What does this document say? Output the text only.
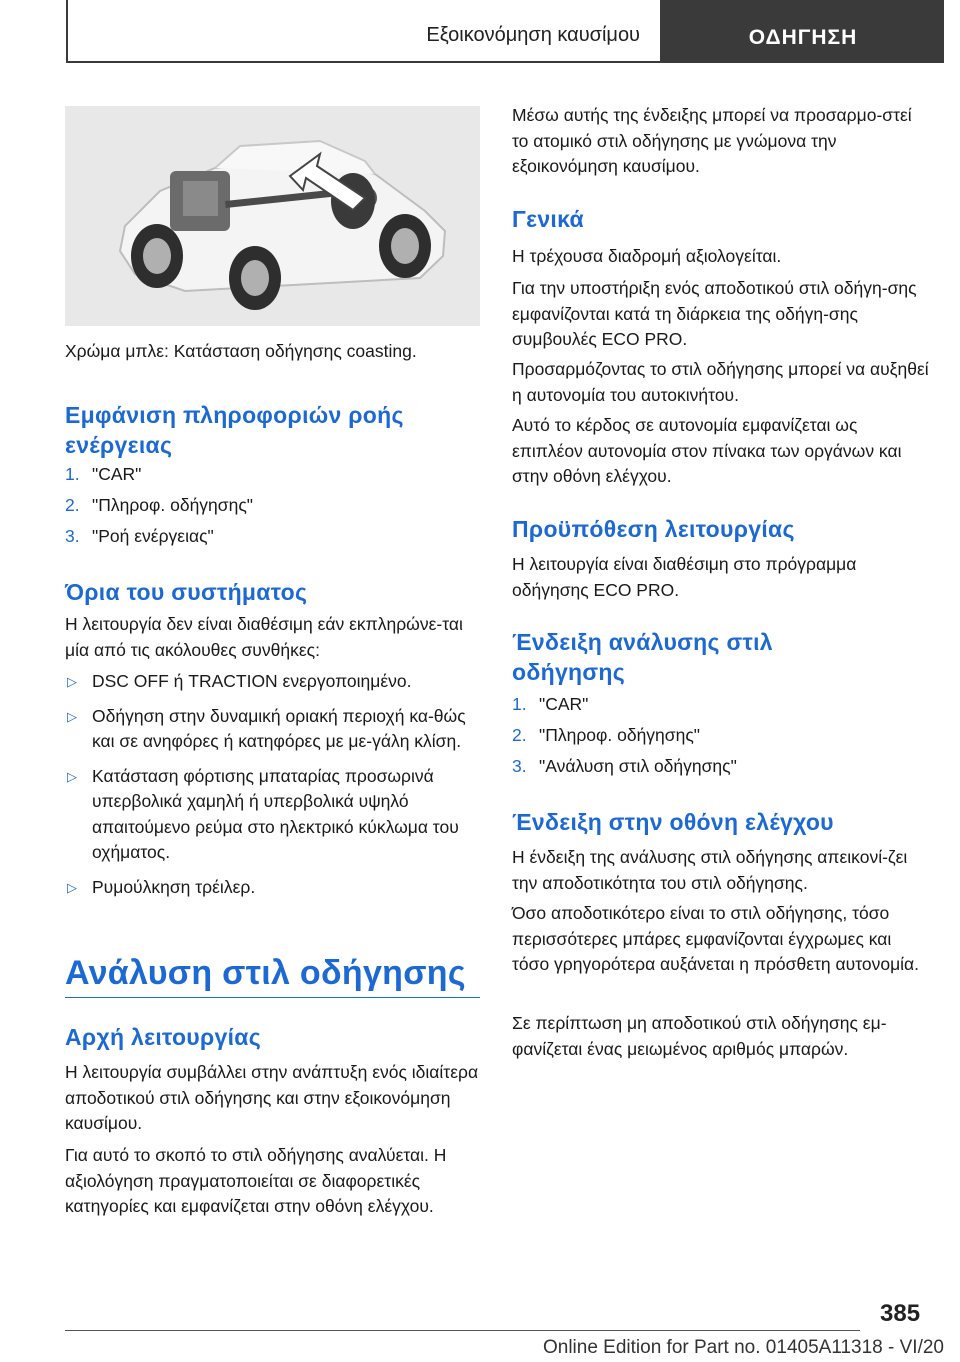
Εξοικονόμηση καυσίμου	ΟΔΗΓΗΣΗ
Χρώμα μπλε: Κατάσταση οδήγησης coasting.
Εμφάνιση πληροφοριών ροής
ενέργειας
1. "CAR"
2. "Πληροφ. οδήγησης"
3. "Ροή ενέργειας"
Όρια του συστήματος

Η λειτουργία δεν είναι διαθέσιμη εάν εκπληρώνε-ται μία από τις ακόλουθες συνθήκες:

▷ DSC OFF ή TRACTION ενεργοποιημένο.
▷ Οδήγηση στην δυναμική οριακή περιοχή κα-θώς και σε ανηφόρες ή κατηφόρες με με-γάλη κλίση.
▷ Κατάσταση φόρτισης μπαταρίας προσωρινά υπερβολικά χαμηλή ή υπερβολικά υψηλό απαιτούμενο ρεύμα στο ηλεκτρικό κύκλωμα του οχήματος.
▷ Ρυμούλκηση τρέιλερ.
Ανάλυση στιλ οδήγησης
Αρχή λειτουργίας

Η λειτουργία συμβάλλει στην ανάπτυξη ενός ιδιαίτερα αποδοτικού στιλ οδήγησης και στην εξοικονόμηση καυσίμου.

Για αυτό το σκοπό το στιλ οδήγησης αναλύεται. Η αξιολόγηση πραγματοποιείται σε διαφορετικές κατηγορίες και εμφανίζεται στην οθόνη ελέγχου.

Μέσω αυτής της ένδειξης μπορεί να προσαρμο-στεί το ατομικό στιλ οδήγησης με γνώμονα την εξοικονόμηση καυσίμου.

Γενικά

Η τρέχουσα διαδρομή αξιολογείται.

Για την υποστήριξη ενός αποδοτικού στιλ οδήγη-σης εμφανίζονται κατά τη διάρκεια της οδήγη-σης συμβουλές ECO PRO.

Προσαρμόζοντας το στιλ οδήγησης μπορεί να αυξηθεί η αυτονομία του αυτοκινήτου.

Αυτό το κέρδος σε αυτονομία εμφανίζεται ως επιπλέον αυτονομία στον πίνακα των οργάνων και στην οθόνη ελέγχου.

Προϋπόθεση λειτουργίας

Η λειτουργία είναι διαθέσιμη στο πρόγραμμα οδήγησης ECO PRO.

Ένδειξη ανάλυσης στιλ
οδήγησης
1. "CAR"
2. "Πληροφ. οδήγησης"
3. "Ανάλυση στιλ οδήγησης"
Ένδειξη στην οθόνη ελέγχου

Η ένδειξη της ανάλυσης στιλ οδήγησης απεικονί-ζει την αποδοτικότητα του στιλ οδήγησης.

Όσο αποδοτικότερο είναι το στιλ οδήγησης, τόσο περισσότερες μπάρες εμφανίζονται έγχρωμες και τόσο γρηγορότερα αυξάνεται η πρόσθετη αυτονομία.

Σε περίπτωση μη αποδοτικού στιλ οδήγησης εμ-φανίζεται ένας μειωμένος αριθμός μπαρών.

385
Online Edition for Part no. 01405A11318 - VI/20
